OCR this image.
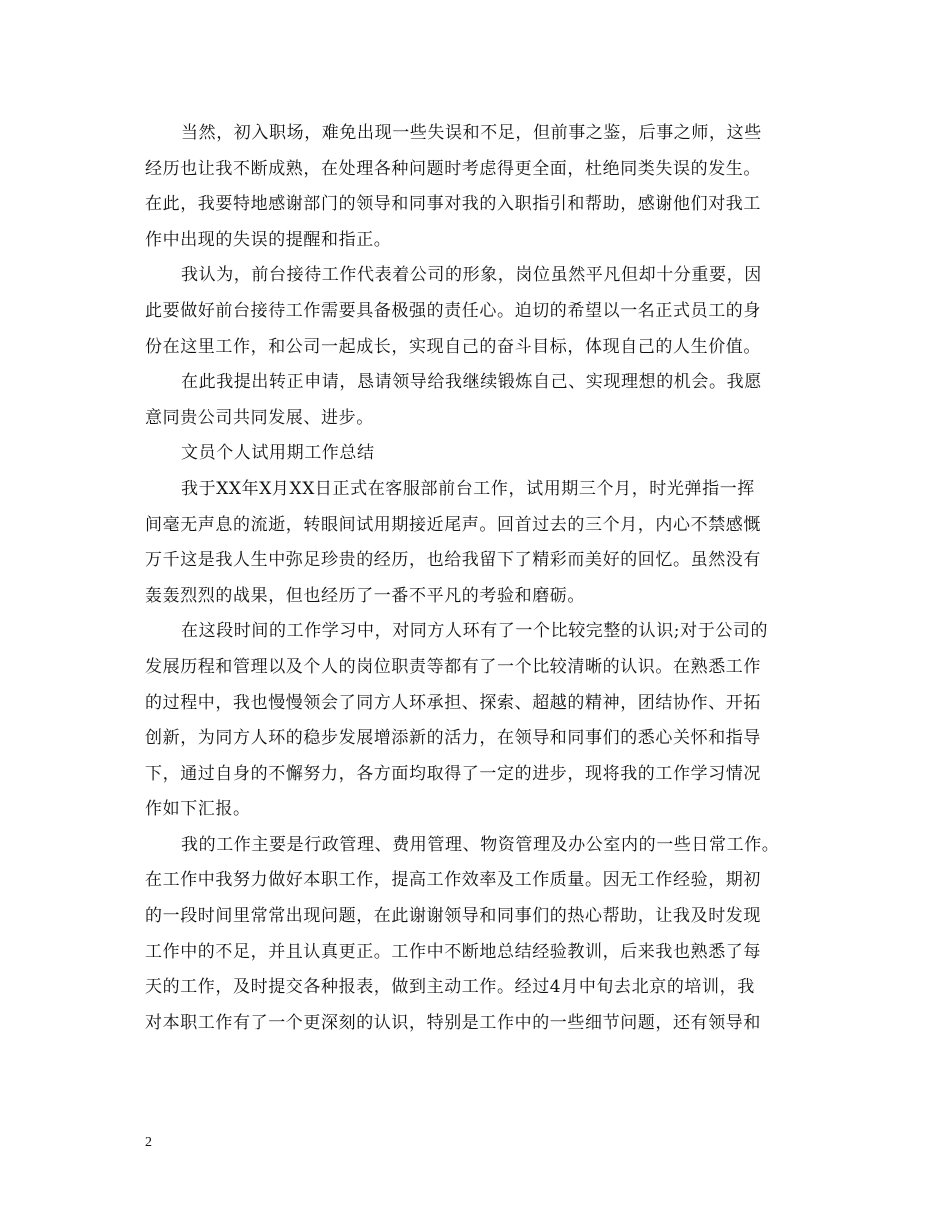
当然，初入职场，难免出现一些失误和不足，但前事之鉴，后事之师，这些
经历也让我不断成熟，在处理各种问题时考虑得更全面，杜绝同类失误的发生。
在此，我要特地感谢部门的领导和同事对我的入职指引和帮助，感谢他们对我工
作中出现的失误的提醒和指正。
我认为，前台接待工作代表着公司的形象，岗位虽然平凡但却十分重要，因
此要做好前台接待工作需要具备极强的责任心。迫切的希望以一名正式员工的身
份在这里工作，和公司一起成长，实现自己的奋斗目标，体现自己的人生价值。
在此我提出转正申请，恳请领导给我继续锻炼自己、实现理想的机会。我愿
意同贵公司共同发展、进步。
文员个人试用期工作总结
我于XX年X月XX日正式在客服部前台工作，试用期三个月，时光弹指一挥
间毫无声息的流逝，转眼间试用期接近尾声。回首过去的三个月，内心不禁感慨
万千这是我人生中弥足珍贵的经历，也给我留下了精彩而美好的回忆。虽然没有
轰轰烈烈的战果，但也经历了一番不平凡的考验和磨砺。
在这段时间的工作学习中，对同方人环有了一个比较完整的认识;对于公司的
发展历程和管理以及个人的岗位职责等都有了一个比较清晰的认识。在熟悉工作
的过程中，我也慢慢领会了同方人环承担、探索、超越的精神，团结协作、开拓
创新，为同方人环的稳步发展增添新的活力，在领导和同事们的悉心关怀和指导
下，通过自身的不懈努力，各方面均取得了一定的进步，现将我的工作学习情况
作如下汇报。
我的工作主要是行政管理、费用管理、物资管理及办公室内的一些日常工作。
在工作中我努力做好本职工作，提高工作效率及工作质量。因无工作经验，期初
的一段时间里常常出现问题，在此谢谢领导和同事们的热心帮助，让我及时发现
工作中的不足，并且认真更正。工作中不断地总结经验教训，后来我也熟悉了每
天的工作，及时提交各种报表，做到主动工作。经过4月中旬去北京的培训，我
对本职工作有了一个更深刻的认识，特别是工作中的一些细节问题，还有领导和
2
